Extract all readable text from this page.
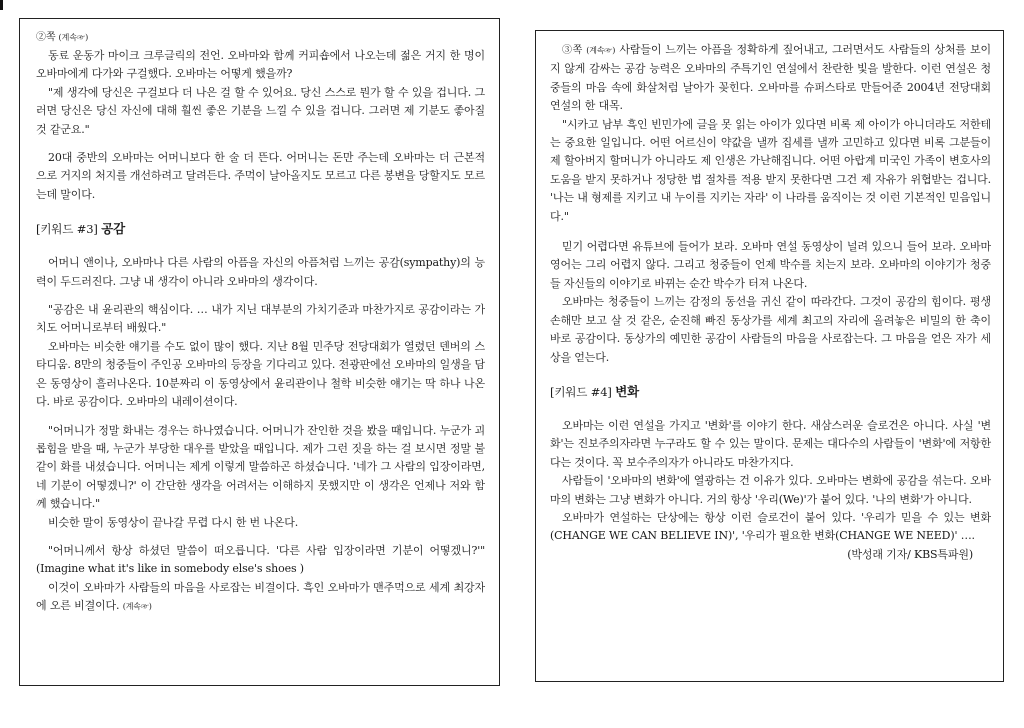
②쪽 (계속☞)

동료 운동가 마이크 크루글릭의 전언. 오바마와 함께 커피숍에서 나오는데 젊은 거지 한 명이 오바마에게 다가와 구걸했다. 오바마는 어떻게 했을까?

"제 생각에 당신은 구걸보다 더 나은 걸 할 수 있어요. 당신 스스로 뭔가 할 수 있을 겁니다. 그러면 당신은 당신 자신에 대해 훨씬 좋은 기분을 느낄 수 있을 겁니다. 그러면 제 기분도 좋아질 것 같군요."

20대 중반의 오바마는 어머니보다 한 술 더 뜬다. 어머니는 돈만 주는데 오바마는 더 근본적으로 거지의 처지를 개선하려고 달려든다. 주먹이 날아올지도 모르고 다른 봉변을 당할지도 모르는데 말이다.

[키워드 #3] 공감

어머니 앤이나, 오바마나 다른 사람의 아픔을 자신의 아픔처럼 느끼는 공감(sympathy)의 능력이 두드러진다. 그냥 내 생각이 아니라 오바마의 생각이다.

"공감은 내 윤리관의 핵심이다. … 내가 지닌 대부분의 가치기준과 마찬가지로 공감이라는 가치도 어머니로부터 배웠다."

오바마는 비슷한 얘기를 수도 없이 많이 했다. 지난 8월 민주당 전당대회가 열렸던 덴버의 스타디움. 8만의 청중들이 주인공 오바마의 등장을 기다리고 있다. 전광판에선 오바마의 일생을 담은 동영상이 흘러나온다. 10분짜리 이 동영상에서 윤리관이나 철학 비슷한 얘기는 딱 하나 나온다. 바로 공감이다. 오바마의 내레이션이다.

"어머니가 정말 화내는 경우는 하나였습니다. 어머니가 잔인한 것을 봤을 때입니다. 누군가 괴롭힘을 받을 때, 누군가 부당한 대우를 받았을 때입니다. 제가 그런 짓을 하는 걸 보시면 정말 불같이 화를 내셨습니다. 어머니는 제게 이렇게 말씀하곤 하셨습니다. '네가 그 사람의 입장이라면, 네 기분이 어떻겠니?' 이 간단한 생각을 어려서는 이해하지 못했지만 이 생각은 언제나 저와 함께 했습니다."

비슷한 말이 동영상이 끝나갈 무렵 다시 한 번 나온다.

"어머니께서 항상 하셨던 말씀이 떠오릅니다. '다른 사람 입장이라면 기분이 어떻겠니?'"(Imagine what it's like in somebody else's shoes )

이것이 오바마가 사람들의 마음을 사로잡는 비결이다. 흑인 오바마가 맨주먹으로 세계 최강자에 오른 비결이다. (계속☞)

③쪽 (계속☞) 사람들이 느끼는 아픔을 정확하게 짚어내고, 그러면서도 사람들의 상처를 보이지 않게 감싸는 공감 능력은 오바마의 주특기인 연설에서 찬란한 빛을 발한다. 이런 연설은 청중들의 마음 속에 화살처럼 날아가 꽂힌다. 오바마를 슈퍼스타로 만들어준 2004년 전당대회 연설의 한 대목.

"시카고 남부 흑인 빈민가에 글을 못 읽는 아이가 있다면 비록 제 아이가 아니더라도 저한테는 중요한 일입니다. 어떤 어르신이 약값을 낼까 집세를 낼까 고민하고 있다면 비록 그분들이 제 할아버지 할머니가 아니라도 제 인생은 가난해집니다. 어떤 아랍계 미국인 가족이 변호사의 도움을 받지 못하거나 정당한 법 절차를 적용 받지 못한다면 그건 제 자유가 위협받는 겁니다. '나는 내 형제를 지키고 내 누이를 지키는 자라' 이 나라를 움직이는 것 이런 기본적인 믿음입니다."

믿기 어렵다면 유튜브에 들어가 보라. 오바마 연설 동영상이 널려 있으니 들어 보라. 오바마 영어는 그리 어렵지 않다. 그리고 청중들이 언제 박수를 치는지 보라. 오바마의 이야기가 청중들 자신들의 이야기로 바뀌는 순간 박수가 터져 나온다.

오바마는 청중들이 느끼는 감정의 동선을 귀신 같이 따라간다. 그것이 공감의 힘이다. 평생 손해만 보고 살 것 같은, 순진해 빠진 동상가를 세계 최고의 자리에 올려놓은 비밀의 한 축이 바로 공감이다. 동상가의 예민한 공감이 사람들의 마음을 사로잡는다. 그 마음을 얻은 자가 세상을 얻는다.

[키워드 #4] 변화

오바마는 이런 연설을 가지고 '변화'를 이야기 한다. 새삼스러운 슬로건은 아니다. 사실 '변화'는 진보주의자라면 누구라도 할 수 있는 말이다. 문제는 대다수의 사람들이 '변화'에 저항한다는 것이다. 꼭 보수주의자가 아니라도 마찬가지다.

사람들이 '오바마의 변화'에 열광하는 건 이유가 있다. 오바마는 변화에 공감을 섞는다. 오바마의 변화는 그냥 변화가 아니다. 거의 항상 '우리(We)'가 붙어 있다. '나의 변화'가 아니다.

오바마가 연설하는 단상에는 항상 이런 슬로건이 붙어 있다. '우리가 믿을 수 있는 변화(CHANGE WE CAN BELIEVE IN)', '우리가 필요한 변화(CHANGE WE NEED)' ….
(박성래 기자/ KBS특파원)
